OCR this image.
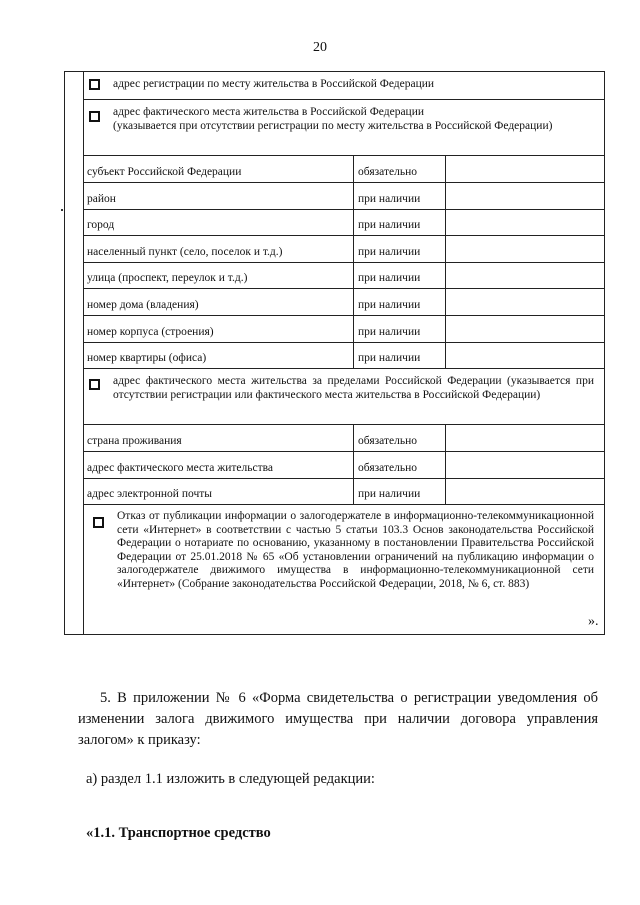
20
адрес регистрации по месту жительства в Российской Федерации
адрес фактического места жительства в Российской Федерации
(указывается при отсутствии регистрации по месту жительства в Российской Федерации)
субъект Российской Федерации	обязательно
район	при наличии
город	при наличии
населенный пункт (село, поселок и т.д.)	при наличии
улица (проспект, переулок и т.д.)	при наличии
номер дома (владения)	при наличии
номер корпуса (строения)	при наличии
номер квартиры (офиса)	при наличии
адрес фактического места жительства за пределами Российской Федерации (указывается при отсутствии регистрации или фактического места жительства в Российской Федерации)
страна проживания	обязательно
адрес фактического места жительства	обязательно
адрес электронной почты	при наличии
Отказ от публикации информации о залогодержателе в информационно-телекоммуникационной сети «Интернет» в соответствии с частью 5 статьи 103.3 Основ законодательства Российской Федерации о нотариате по основанию, указанному в постановлении Правительства Российской Федерации от 25.01.2018 № 65 «Об установлении ограничений на публикацию информации о залогодержателе движимого имущества в информационно-телекоммуникационной сети «Интернет» (Собрание законодательства Российской Федерации, 2018, № 6, ст. 883)
».
5. В приложении № 6 «Форма свидетельства о регистрации уведомления об изменении залога движимого имущества при наличии договора управления залогом» к приказу:
а) раздел 1.1 изложить в следующей редакции:
«1.1. Транспортное средство
